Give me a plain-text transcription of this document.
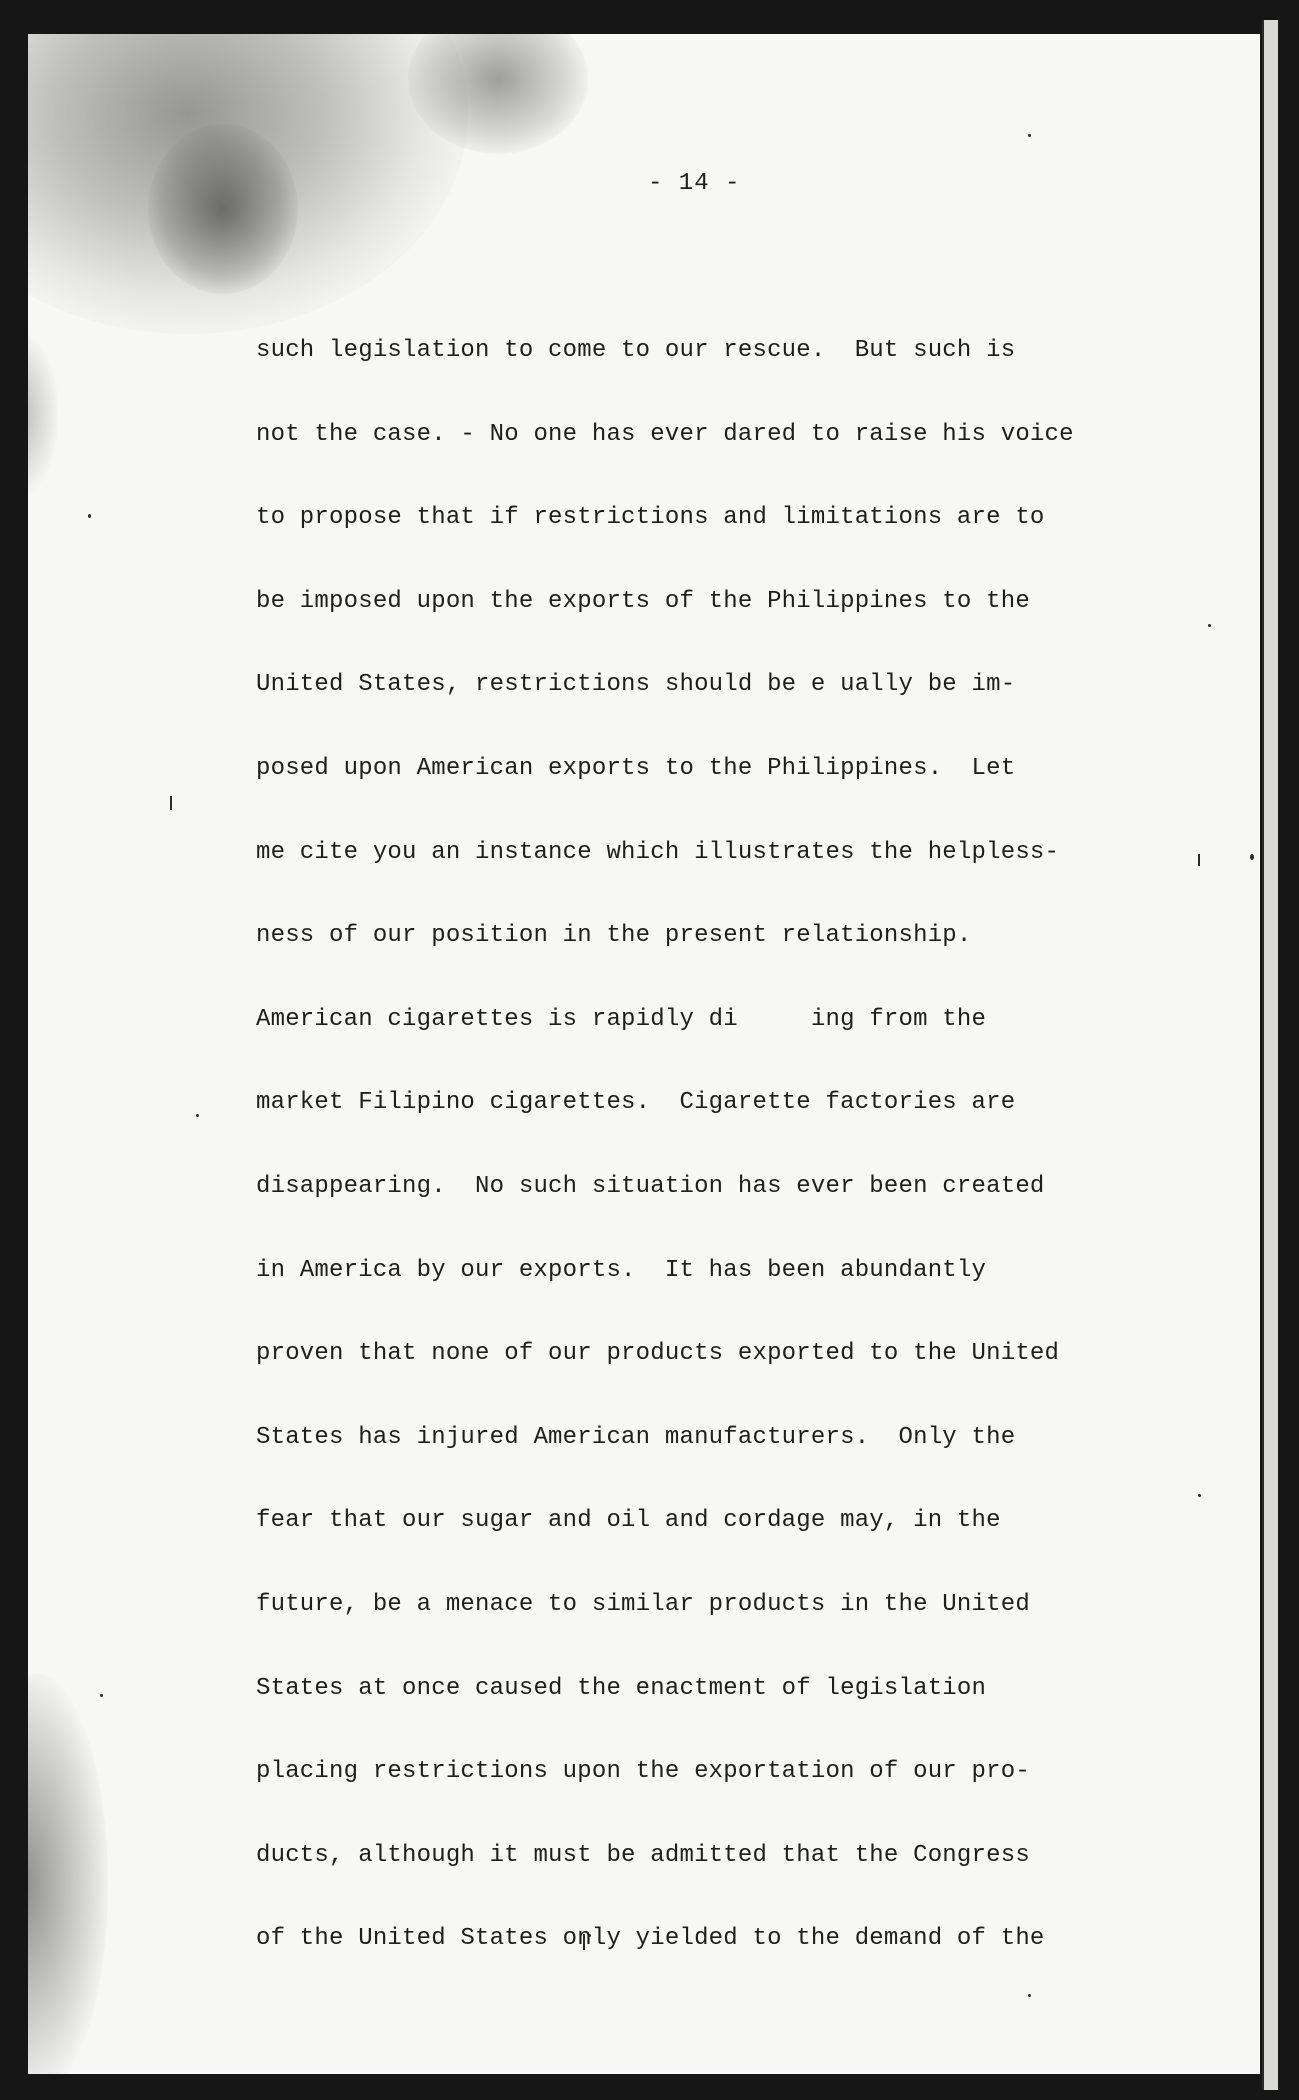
- 14 -
such legislation to come to our rescue.  But such is
not the case. - No one has ever dared to raise his voice
to propose that if restrictions and limitations are to
be imposed upon the exports of the Philippines to the
United States, restrictions should be e ually be im-
posed upon American exports to the Philippines.  Let
me cite you an instance which illustrates the helpless-
ness of our position in the present relationship.
American cigarettes is rapidly di     ing from the
market Filipino cigarettes.  Cigarette factories are
disappearing.  No such situation has ever been created
in America by our exports.  It has been abundantly
proven that none of our products exported to the United
States has injured American manufacturers.  Only the
fear that our sugar and oil and cordage may, in the
future, be a menace to similar products in the United
States at once caused the enactment of legislation
placing restrictions upon the exportation of our pro-
ducts, although it must be admitted that the Congress
of the United States only yielded to the demand of the
